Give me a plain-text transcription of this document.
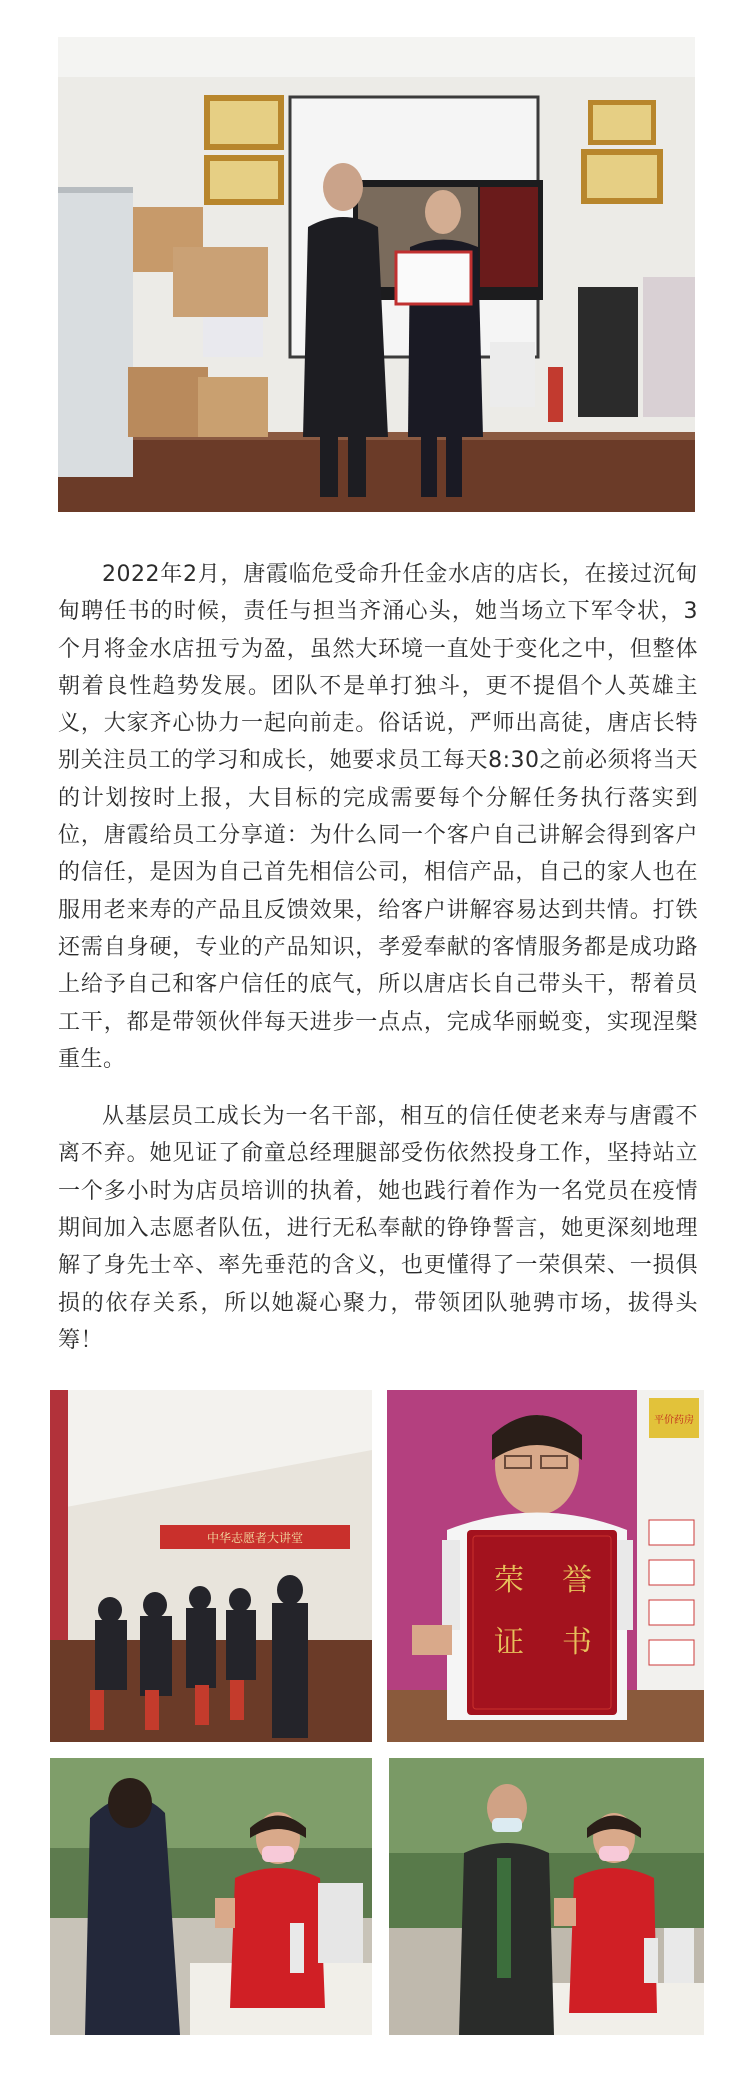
2022年2月，唐霞临危受命升任金水店的店长，在接过沉甸甸聘任书的时候，责任与担当齐涌心头，她当场立下军令状，3个月将金水店扭亏为盈，虽然大环境一直处于变化之中，但整体朝着良性趋势发展。团队不是单打独斗，更不提倡个人英雄主义，大家齐心协力一起向前走。俗话说，严师出高徒，唐店长特别关注员工的学习和成长，她要求员工每天8:30之前必须将当天的计划按时上报，大目标的完成需要每个分解任务执行落实到位，唐霞给员工分享道：为什么同一个客户自己讲解会得到客户的信任，是因为自己首先相信公司，相信产品，自己的家人也在服用老来寿的产品且反馈效果，给客户讲解容易达到共情。打铁还需自身硬，专业的产品知识，孝爱奉献的客情服务都是成功路上给予自己和客户信任的底气，所以唐店长自己带头干，帮着员工干，都是带领伙伴每天进步一点点，完成华丽蜕变，实现涅槃重生。

从基层员工成长为一名干部，相互的信任使老来寿与唐霞不离不弃。她见证了俞童总经理腿部受伤依然投身工作，坚持站立一个多小时为店员培训的执着，她也践行着作为一名党员在疫情期间加入志愿者队伍，进行无私奉献的铮铮誓言，她更深刻地理解了身先士卒、率先垂范的含义，也更懂得了一荣俱荣、一损俱损的依存关系，所以她凝心聚力，带领团队驰骋市场，拔得头筹！

中华志愿者大讲堂
平价药房
荣 誉
证 书
